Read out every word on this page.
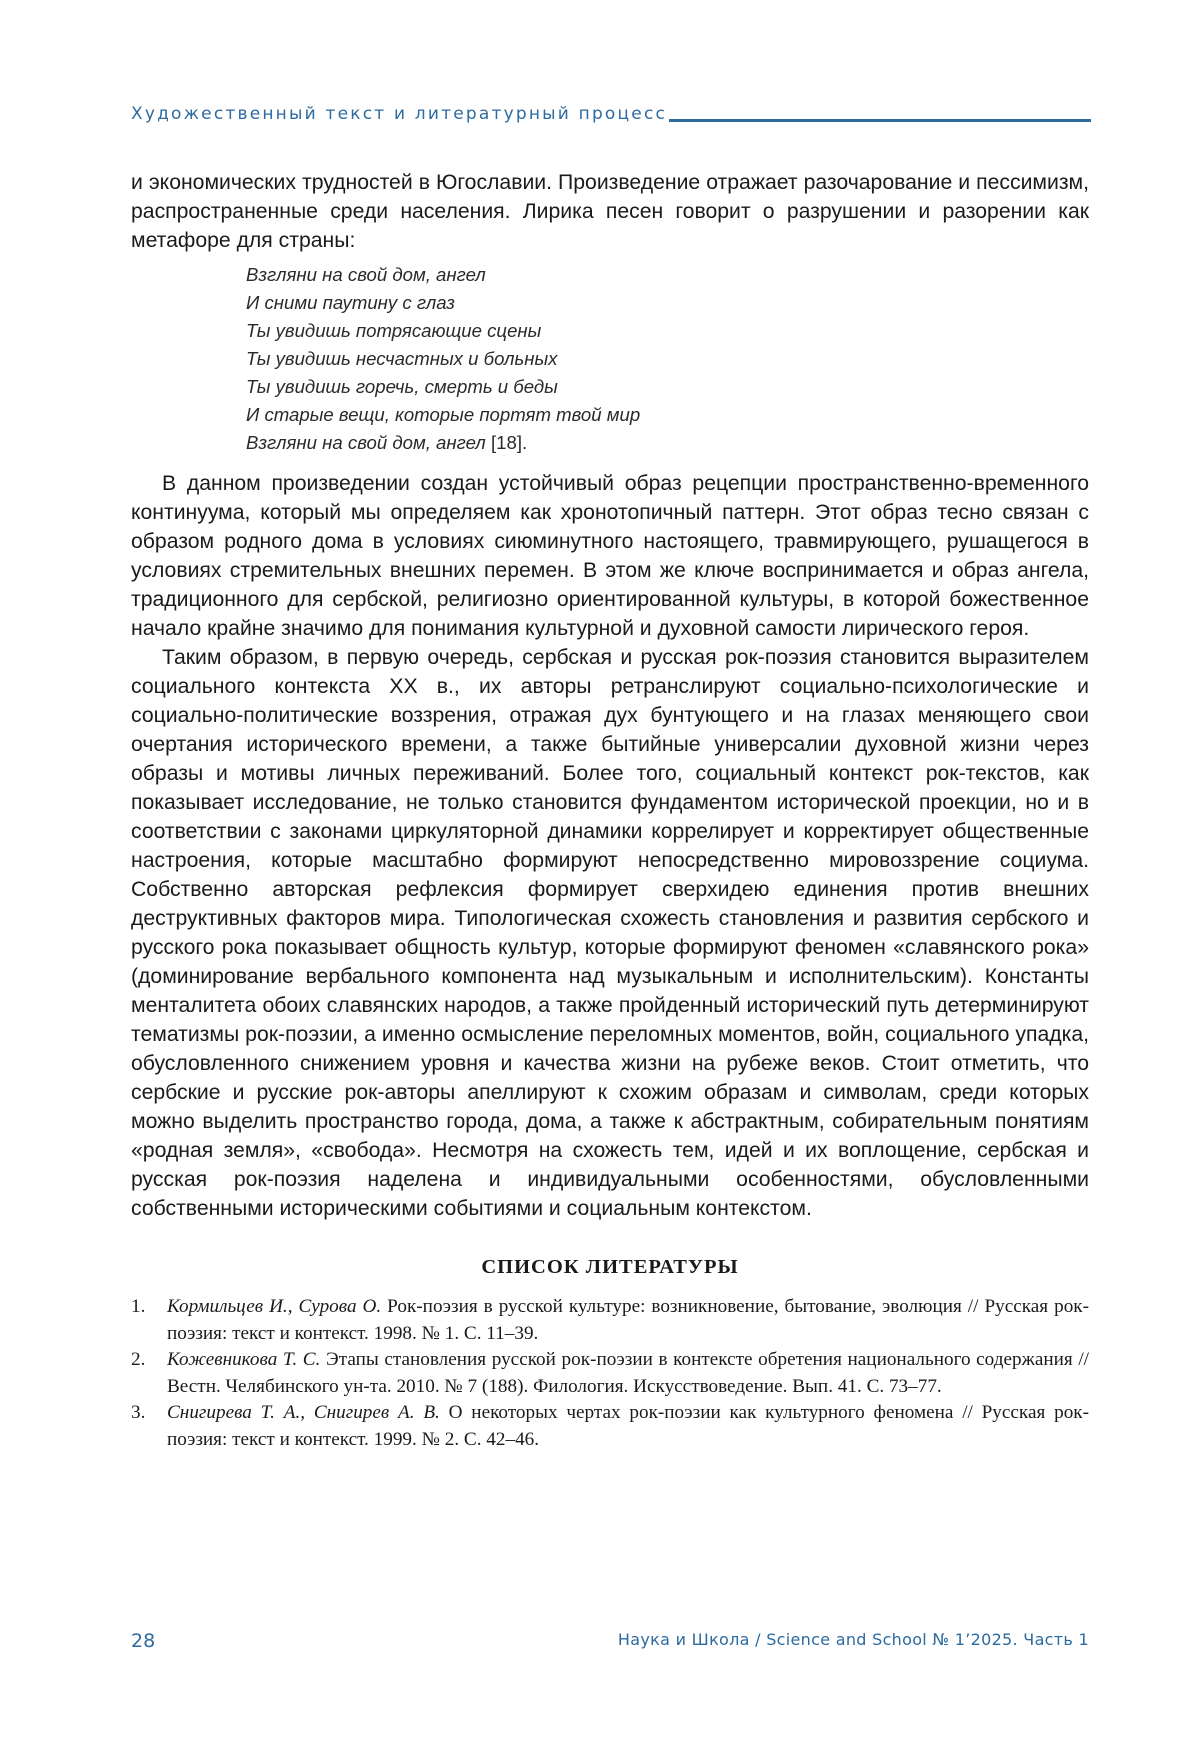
Художественный текст и литературный процесс

и экономических трудностей в Югославии. Произведение отражает разочарование и пессимизм, распространенные среди населения. Лирика песен говорит о разрушении и разорении как метафоре для страны:

Взгляни на свой дом, ангел
И сними паутину с глаз
Ты увидишь потрясающие сцены
Ты увидишь несчастных и больных
Ты увидишь горечь, смерть и беды
И старые вещи, которые портят твой мир
Взгляни на свой дом, ангел [18].

В данном произведении создан устойчивый образ рецепции пространственно-временного континуума, который мы определяем как хронотопичный паттерн. Этот образ тесно связан с образом родного дома в условиях сиюминутного настоящего, травмирующего, рушащегося в условиях стремительных внешних перемен. В этом же ключе воспринимается и образ ангела, традиционного для сербской, религиозно ориентированной культуры, в которой божественное начало крайне значимо для понимания культурной и духовной самости лирического героя.

Таким образом, в первую очередь, сербская и русская рок-поэзия становится выразителем социального контекста XX в., их авторы ретранслируют социально-психологические и социально-политические воззрения, отражая дух бунтующего и на глазах меняющего свои очертания исторического времени, а также бытийные универсалии духовной жизни через образы и мотивы личных переживаний. Более того, социальный контекст рок-текстов, как показывает исследование, не только становится фундаментом исторической проекции, но и в соответствии с законами циркуляторной динамики коррелирует и корректирует общественные настроения, которые масштабно формируют непосредственно мировоззрение социума. Собственно авторская рефлексия формирует сверхидею единения против внешних деструктивных факторов мира. Типологическая схожесть становления и развития сербского и русского рока показывает общность культур, которые формируют феномен «славянского рока» (доминирование вербального компонента над музыкальным и исполнительским). Константы менталитета обоих славянских народов, а также пройденный исторический путь детерминируют тематизмы рок-поэзии, а именно осмысление переломных моментов, войн, социального упадка, обусловленного снижением уровня и качества жизни на рубеже веков. Стоит отметить, что сербские и русские рок-авторы апеллируют к схожим образам и символам, среди которых можно выделить пространство города, дома, а также к абстрактным, собирательным понятиям «родная земля», «свобода». Несмотря на схожесть тем, идей и их воплощение, сербская и русская рок-поэзия наделена и индивидуальными особенностями, обусловленными собственными историческими событиями и социальным контекстом.

СПИСОК ЛИТЕРАТУРЫ
1. Кормильцев И., Сурова О. Рок-поэзия в русской культуре: возникновение, бытование, эволюция // Русская рок-поэзия: текст и контекст. 1998. № 1. С. 11–39.
2. Кожевникова Т. С. Этапы становления русской рок-поэзии в контексте обретения национального содержания // Вестн. Челябинского ун-та. 2010. № 7 (188). Филология. Искусствоведение. Вып. 41. С. 73–77.
3. Снигирева Т. А., Снигирев А. В. О некоторых чертах рок-поэзии как культурного феномена // Русская рок-поэзия: текст и контекст. 1999. № 2. С. 42–46.
28	Наука и Школа / Science and School № 1’2025. Часть 1
